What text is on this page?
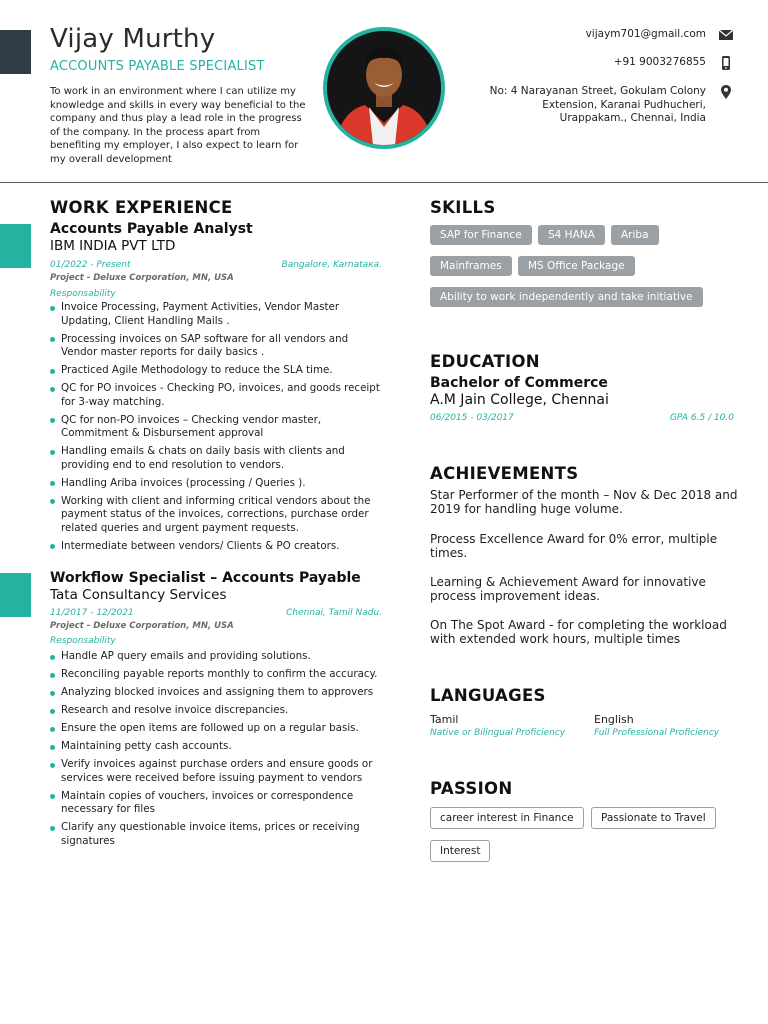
Vijay Murthy
ACCOUNTS PAYABLE SPECIALIST
To work in an environment where I can utilize my knowledge and skills in every way beneficial to the company and thus play a lead role in the progress of the company. In the process apart from benefiting my employer, I also expect to learn for my overall development
vijaym701@gmail.com
+91 9003276855
No: 4 Narayanan Street, Gokulam Colony
Extension, Karanai Pudhucheri,
Urappakam., Chennai, India
WORK EXPERIENCE
Accounts Payable Analyst
IBM INDIA PVT LTD
01/2022 - Present	Bangalore, Karnatака.
Project - Deluxe Corporation, MN, USA
Responsability
Invoice Processing, Payment Activities, Vendor Master Updating, Client Handling Mails .
Processing invoices on SAP software for all vendors and Vendor master reports for daily basics .
Practiced Agile Methodology to reduce the SLA time.
QC for PO invoices - Checking PO, invoices, and goods receipt for 3-way matching.
QC for non-PO invoices – Checking vendor master, Commitment & Disbursement approval
Handling emails & chats on daily basis with clients and providing end to end resolution to vendors.
Handling Ariba invoices (processing / Queries ).
Working with client and informing critical vendors about the payment status of the invoices, corrections, purchase order related queries and urgent payment requests.
Intermediate between vendors/ Clients & PO creators.
Workflow Specialist – Accounts Payable
Tata Consultancy Services
11/2017 - 12/2021	Chennai, Tamil Nadu.
Project - Deluxe Corporation, MN, USA
Responsability
Handle AP query emails and providing solutions.
Reconciling payable reports monthly to confirm the accuracy.
Analyzing blocked invoices and assigning them to approvers
Research and resolve invoice discrepancies.
Ensure the open items are followed up on a regular basis.
Maintaining petty cash accounts.
Verify invoices against purchase orders and ensure goods or services were received before issuing payment to vendors
Maintain copies of vouchers, invoices or correspondence necessary for files
Clarify any questionable invoice items, prices or receiving signatures
SKILLS
SAP for Finance	S4 HANA	Ariba
Mainframes	MS Office Package
Ability to work independently and take initiative
EDUCATION
Bachelor of Commerce
A.M Jain College, Chennai
06/2015 - 03/2017	GPA 6.5 / 10.0
ACHIEVEMENTS
Star Performer of the month – Nov & Dec 2018 and 2019 for handling huge volume.
Process Excellence Award for 0% error, multiple times.
Learning & Achievement Award for innovative process improvement ideas.
On The Spot Award - for completing the workload with extended work hours, multiple times
LANGUAGES
Tamil
Native or Bilingual Proficiency
English
Full Professional Proficiency
PASSION
career interest in Finance	Passionate to Travel
Interest
